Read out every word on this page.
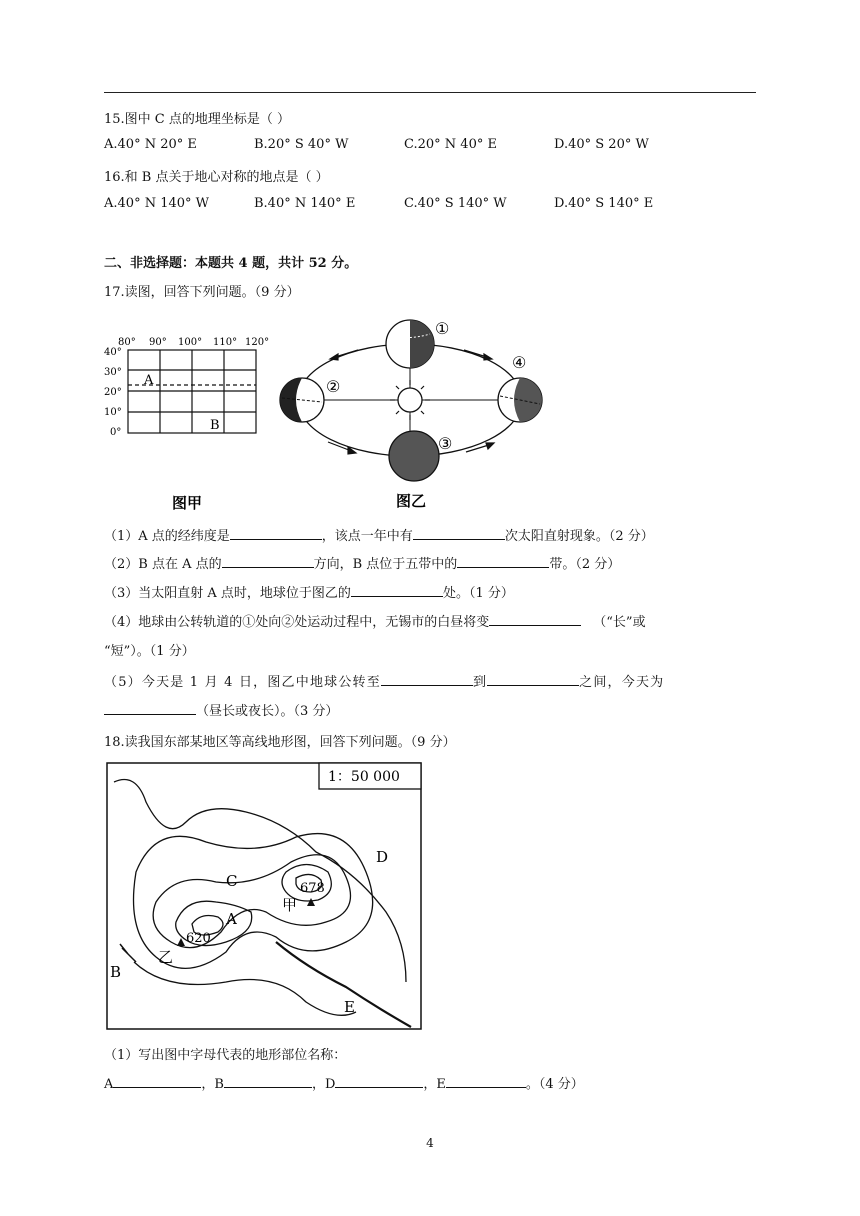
15.图中 C 点的地理坐标是（ ）
A.40° N 20° E	B.20° S 40° W	C.20° N 40° E	D.40° S 20° W
16.和 B 点关于地心对称的地点是（ ）
A.40° N 140° W	B.40° N 140° E	C.40° S 140° W	D.40° S 140° E
二、非选择题：本题共 4 题，共计 52 分。
17.读图，回答下列问题。（9 分）
80° 90° 100° 110° 120°
40°
30°
20°
10°
0°
A
B
图甲
①
②
③
④
图乙
（1）A 点的经纬度是	，该点一年中有	次太阳直射现象。（2 分）
（2）B 点在 A 点的	方向，B 点位于五带中的	带。（2 分）
（3）当太阳直射 A 点时，地球位于图乙的	处。（1 分）
（4）地球由公转轨道的①处向②处运动过程中，无锡市的白昼将变	（“长”或
“短”）。（1 分）
（5）今天是 1 月 4 日，图乙中地球公转至	到	之间，今天为
（昼长或夜长）。（3 分）
18.读我国东部某地区等高线地形图，回答下列问题。（9 分）
1：50 000
A
B
C
D
E
甲
乙
678
620
（1）写出图中字母代表的地形部位名称：
A	，B	，D	，E	。（4 分）
4
